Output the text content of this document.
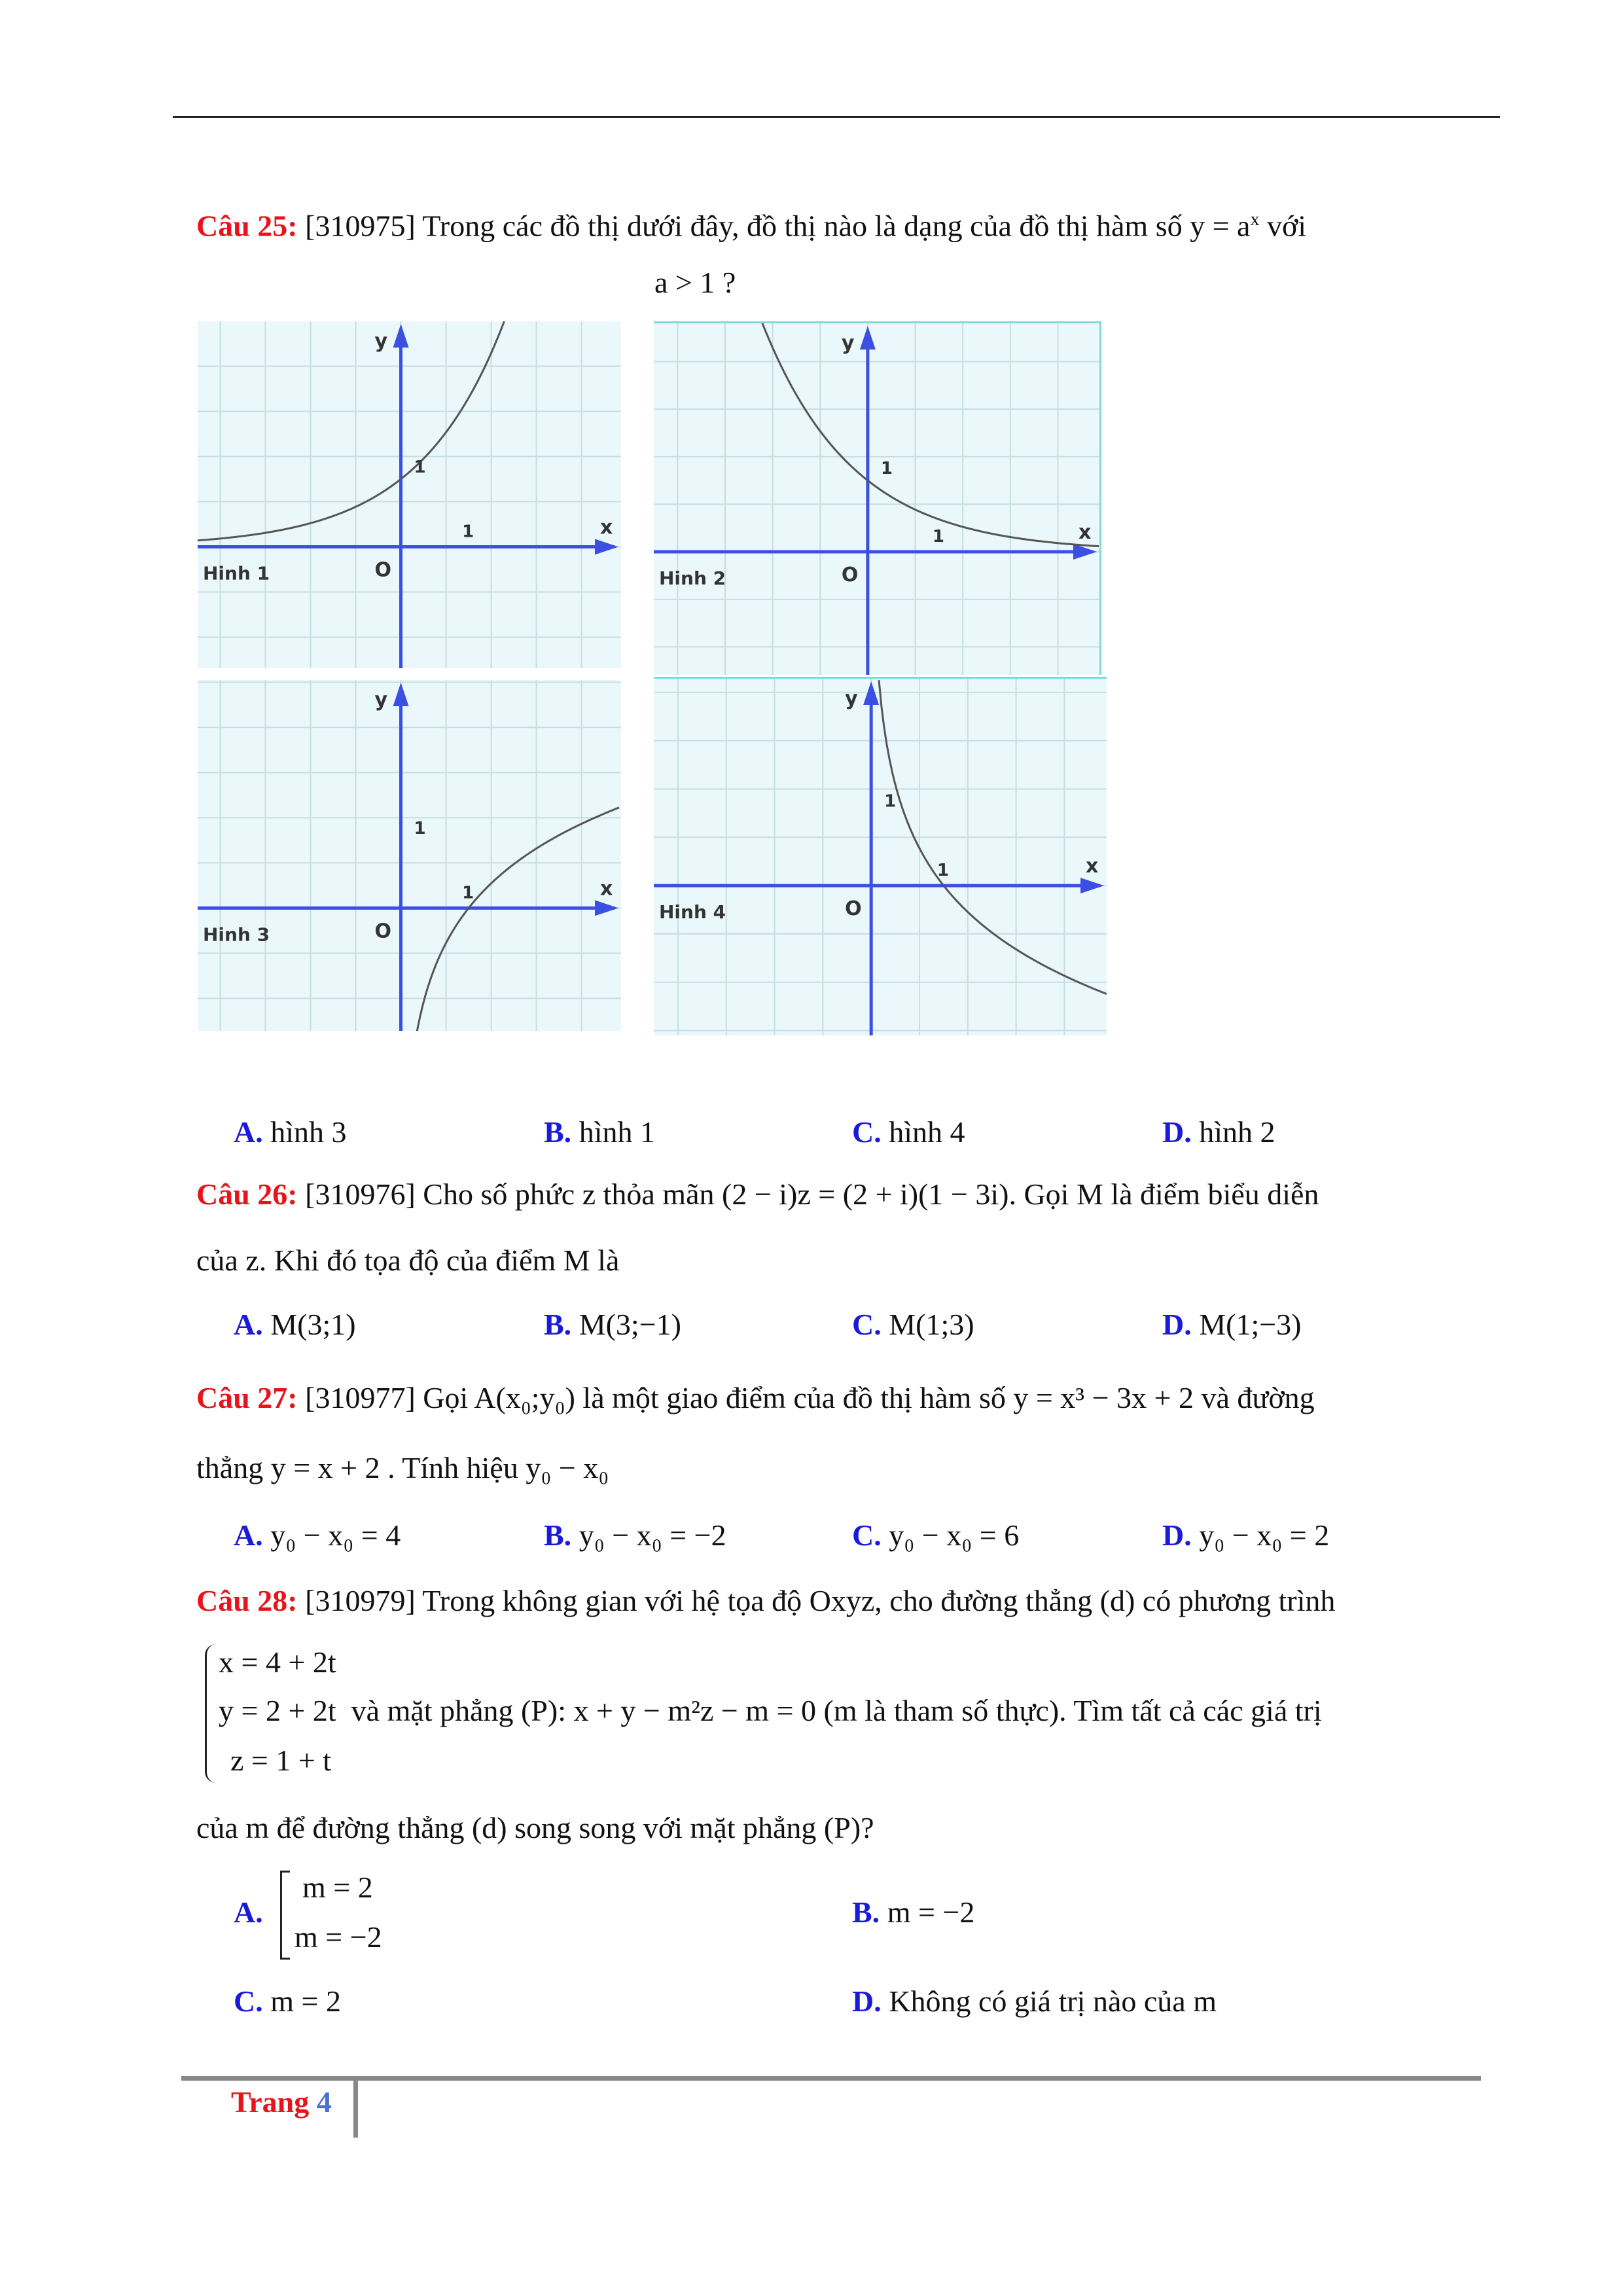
Câu 25: [310975] Trong các đồ thị dưới đây, đồ thị nào là dạng của đồ thị hàm số $y = a^x$ với
a > 1 ?
y
x
O
1
1
Hinh 1
y
x
O
1
1
Hinh 2
y
x
O
1
1
Hinh 3
y
x
O
1
1
Hinh 4
A. hình 3	B. hình 1	C. hình 4	D. hình 2
Câu 26: [310976] Cho số phức z thỏa mãn (2 − i)z = (2 + i)(1 − 3i). Gọi M là điểm biểu diễn
của z. Khi đó tọa độ của điểm M là
A. M(3;1)	B. M(3;−1)	C. M(1;3)	D. M(1;−3)
Câu 27: [310977] Gọi A(x₀;y₀) là một giao điểm của đồ thị hàm số y = x³ − 3x + 2 và đường
thẳng y = x + 2 . Tính hiệu y₀ − x₀
A. y₀ − x₀ = 4	B. y₀ − x₀ = −2	C. y₀ − x₀ = 6	D. y₀ − x₀ = 2
Câu 28: [310979] Trong không gian với hệ tọa độ Oxyz, cho đường thẳng (d) có phương trình
x = 4 + 2t
y = 2 + 2t và mặt phẳng (P): x + y − m²z − m = 0 (m là tham số thực). Tìm tất cả các giá trị
z = 1 + t
của m để đường thẳng (d) song song với mặt phẳng (P)?
A.
m = 2
m = −2
B. m = −2
C. m = 2	D. Không có giá trị nào của m
Trang 4
